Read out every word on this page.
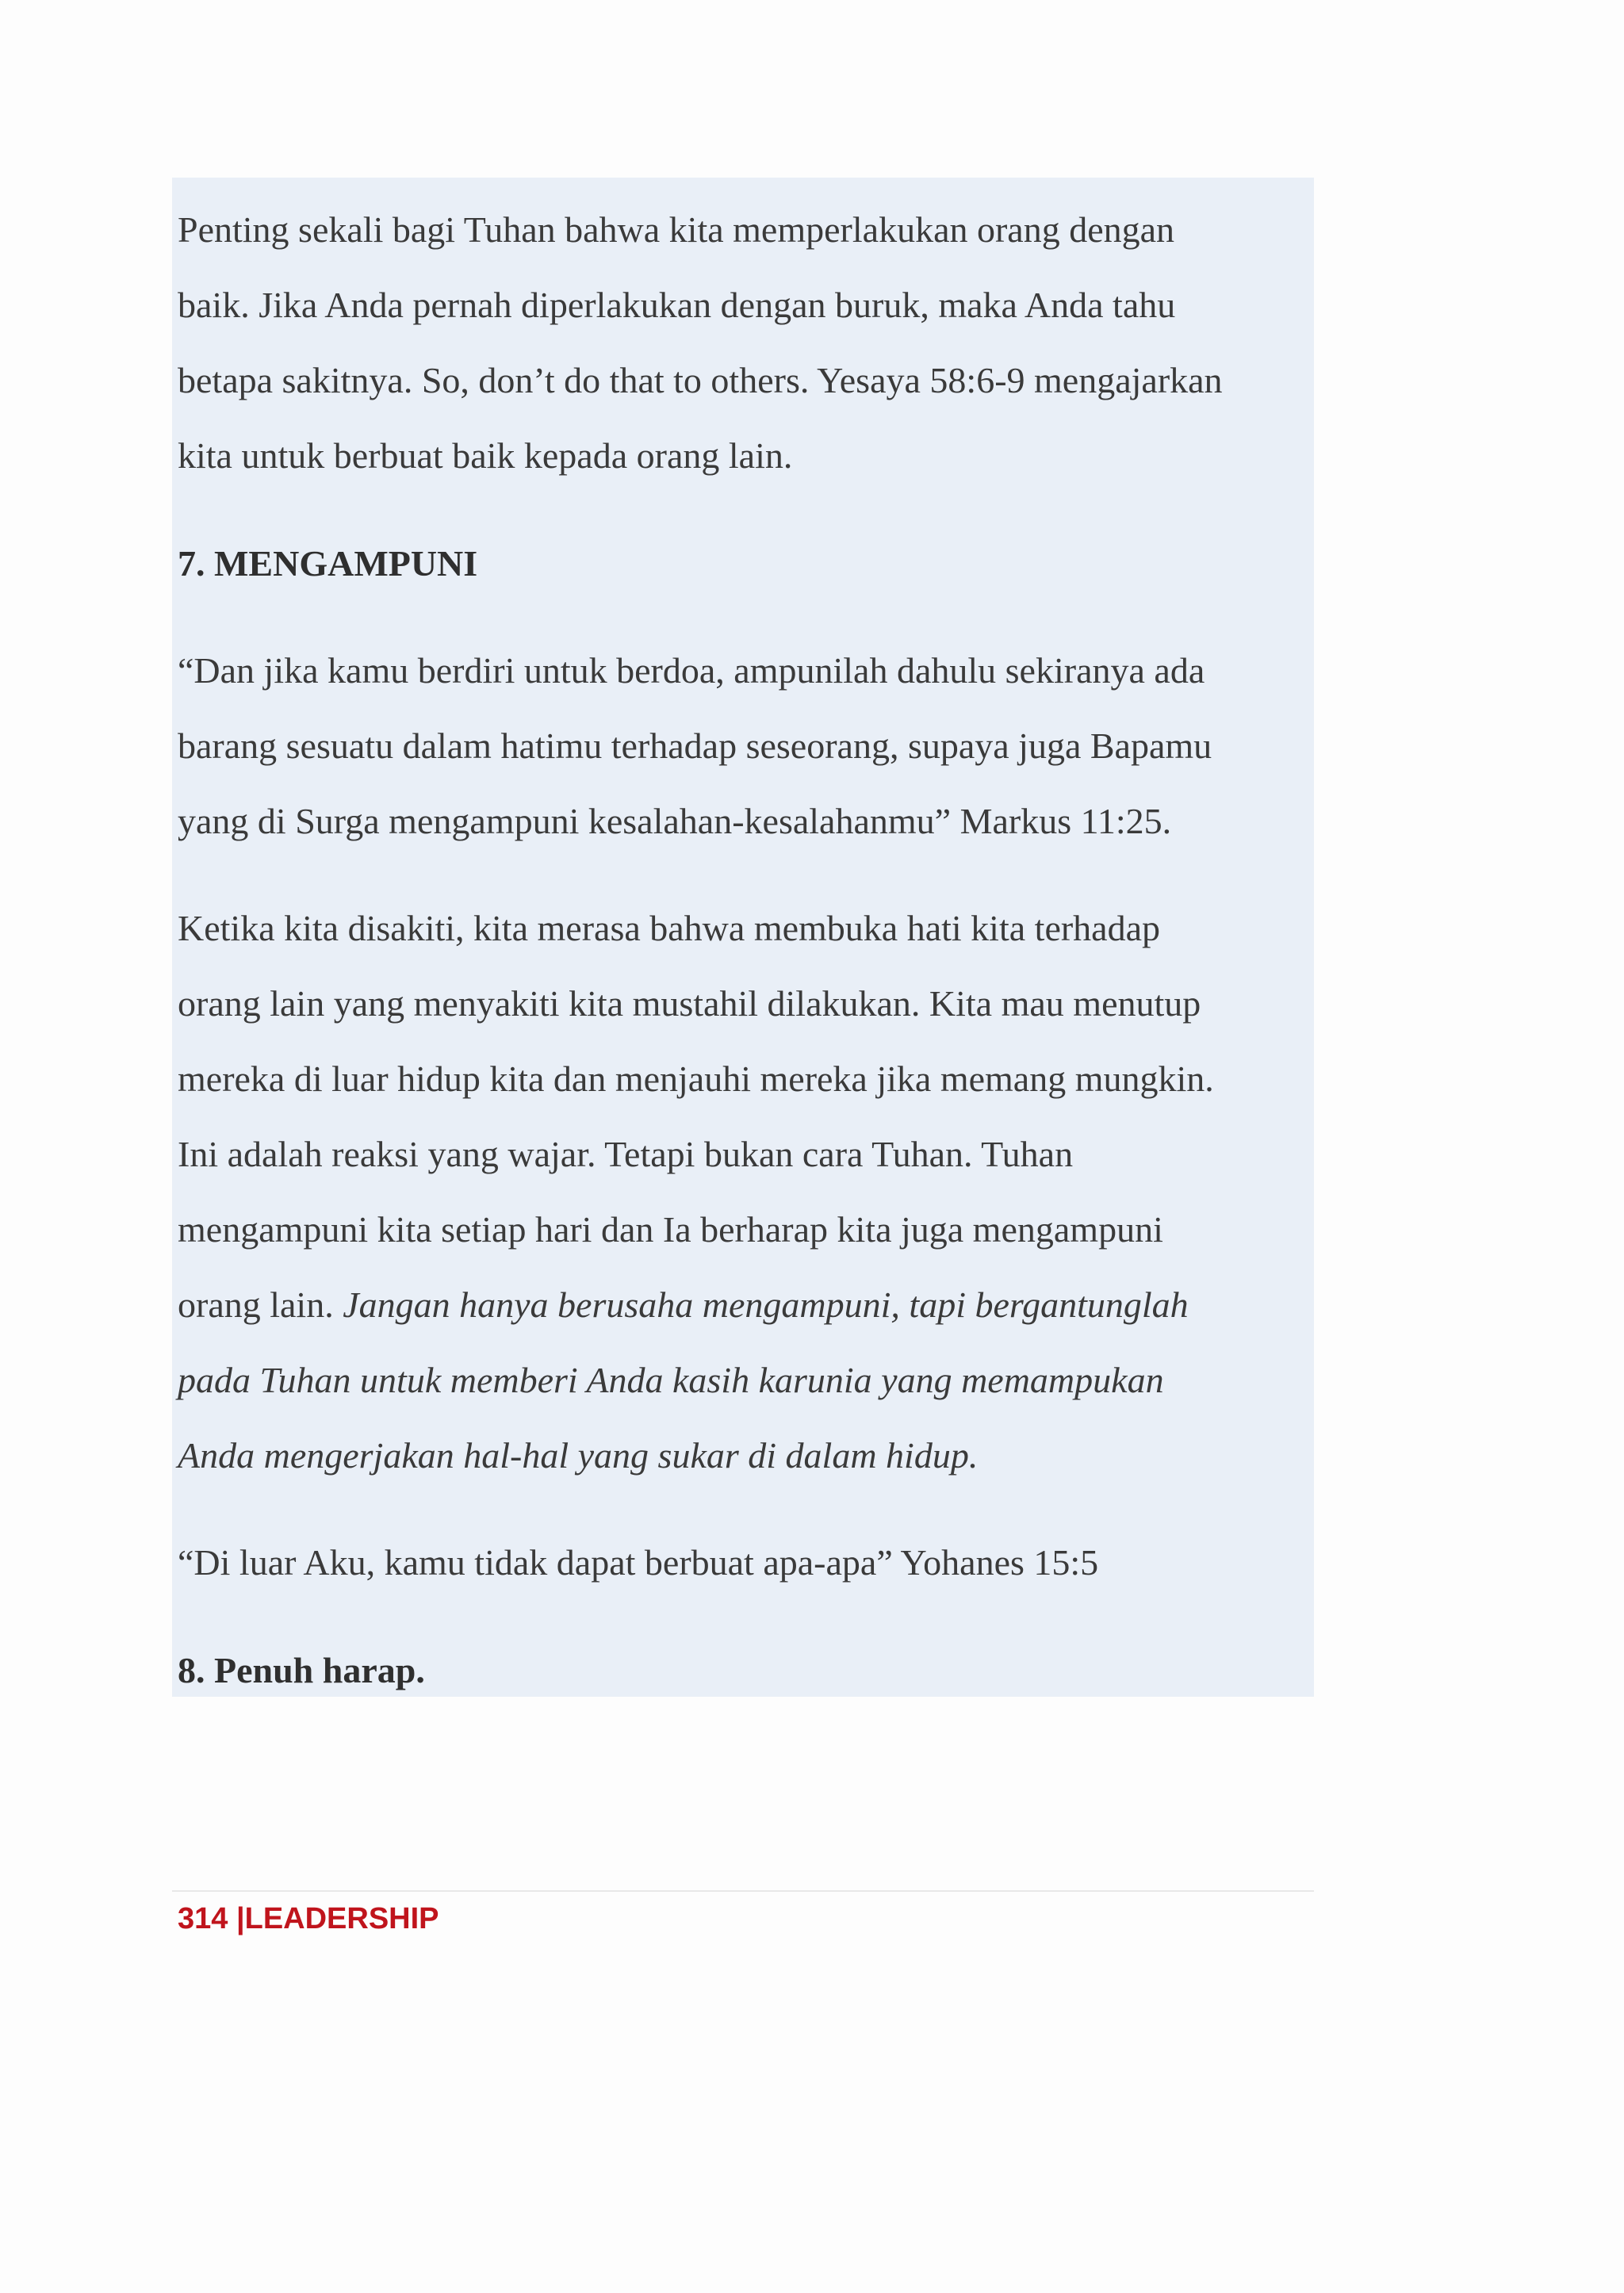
Penting sekali bagi Tuhan bahwa kita memperlakukan orang dengan

baik. Jika Anda pernah diperlakukan dengan buruk, maka Anda tahu

betapa sakitnya. So, don’t do that to others. Yesaya 58:6-9 mengajarkan

kita untuk berbuat baik kepada orang lain.

7. MENGAMPUNI

“Dan jika kamu berdiri untuk berdoa, ampunilah dahulu sekiranya ada

barang sesuatu dalam hatimu terhadap seseorang, supaya juga Bapamu

yang di Surga mengampuni kesalahan-kesalahanmu” Markus 11:25.

Ketika kita disakiti, kita merasa bahwa membuka hati kita terhadap

orang lain yang menyakiti kita mustahil dilakukan. Kita mau menutup

mereka di luar hidup kita dan menjauhi mereka jika memang mungkin.

Ini adalah reaksi yang wajar. Tetapi bukan cara Tuhan. Tuhan

mengampuni kita setiap hari dan Ia berharap kita juga mengampuni

orang lain. Jangan hanya berusaha mengampuni, tapi bergantunglah

pada Tuhan untuk memberi Anda kasih karunia yang memampukan

Anda mengerjakan hal-hal yang sukar di dalam hidup.

“Di luar Aku, kamu tidak dapat berbuat apa-apa” Yohanes 15:5

8. Penuh harap.

314 |LEADERSHIP
